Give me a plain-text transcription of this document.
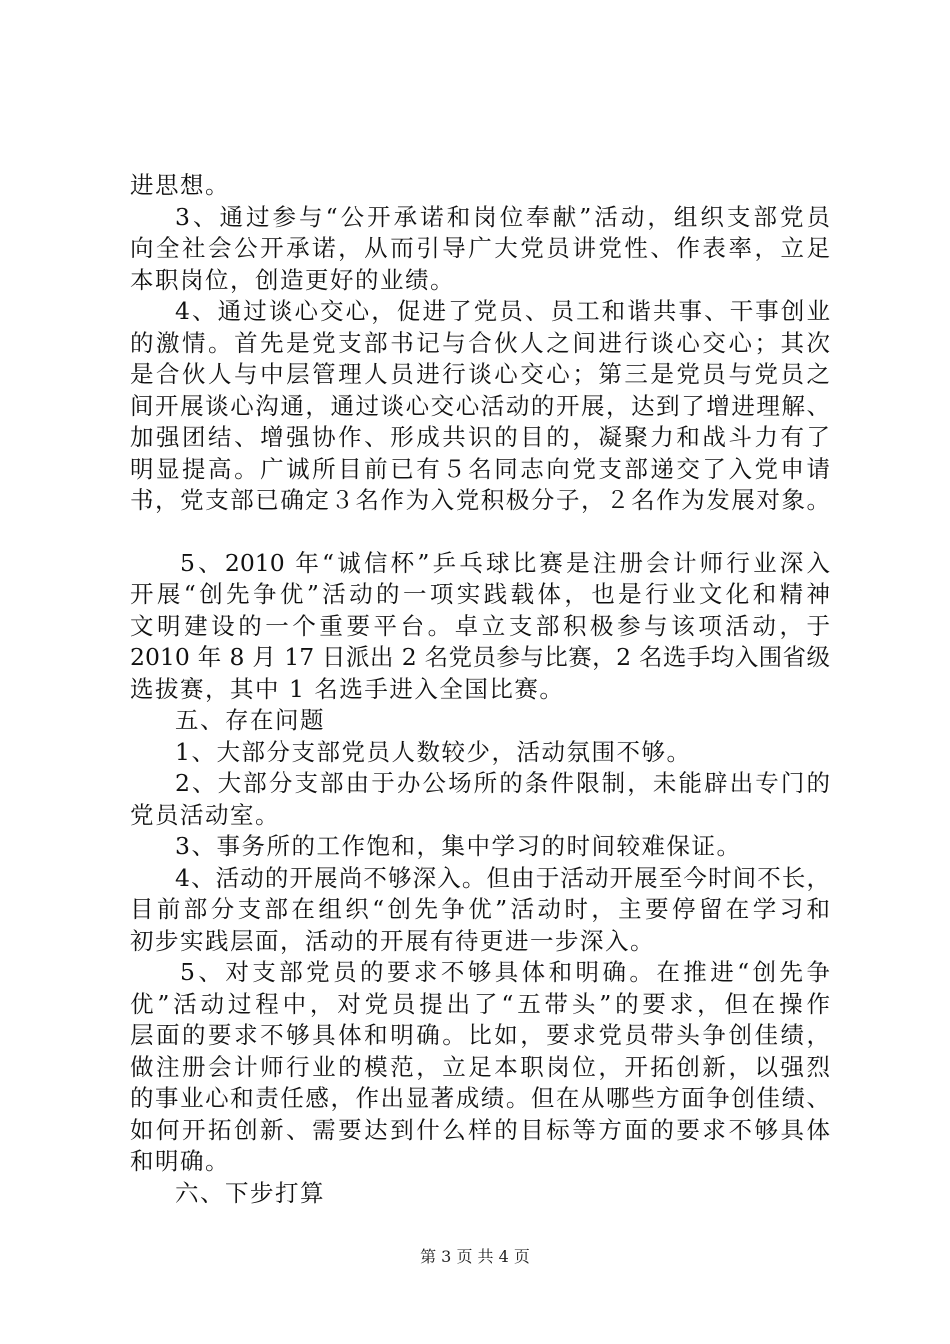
进思想。
3、通过参与“公开承诺和岗位奉献”活动，组织支部党员
向全社会公开承诺，从而引导广大党员讲党性、作表率，立足
本职岗位，创造更好的业绩。
4、通过谈心交心，促进了党员、员工和谐共事、干事创业
的激情。首先是党支部书记与合伙人之间进行谈心交心；其次
是合伙人与中层管理人员进行谈心交心；第三是党员与党员之
间开展谈心沟通，通过谈心交心活动的开展，达到了增进理解、
加强团结、增强协作、形成共识的目的，凝聚力和战斗力有了
明显提高。广诚所目前已有５名同志向党支部递交了入党申请
书，党支部已确定３名作为入党积极分子，２名作为发展对象。
5、2010 年“诚信杯”乒乓球比赛是注册会计师行业深入
开展“创先争优”活动的一项实践载体，也是行业文化和精神
文明建设的一个重要平台。卓立支部积极参与该项活动，于
2010 年 8 月 17 日派出 2 名党员参与比赛，2 名选手均入围省级
选拔赛，其中 1 名选手进入全国比赛。
五、存在问题
1、大部分支部党员人数较少，活动氛围不够。
2、大部分支部由于办公场所的条件限制，未能辟出专门的
党员活动室。
3、事务所的工作饱和，集中学习的时间较难保证。
4、活动的开展尚不够深入。但由于活动开展至今时间不长，
目前部分支部在组织“创先争优”活动时，主要停留在学习和
初步实践层面，活动的开展有待更进一步深入。
5、对支部党员的要求不够具体和明确。在推进“创先争
优”活动过程中，对党员提出了“五带头”的要求，但在操作
层面的要求不够具体和明确。比如，要求党员带头争创佳绩，
做注册会计师行业的模范，立足本职岗位，开拓创新，以强烈
的事业心和责任感，作出显著成绩。但在从哪些方面争创佳绩、
如何开拓创新、需要达到什么样的目标等方面的要求不够具体
和明确。
六、下步打算
第 3 页 共 4 页
